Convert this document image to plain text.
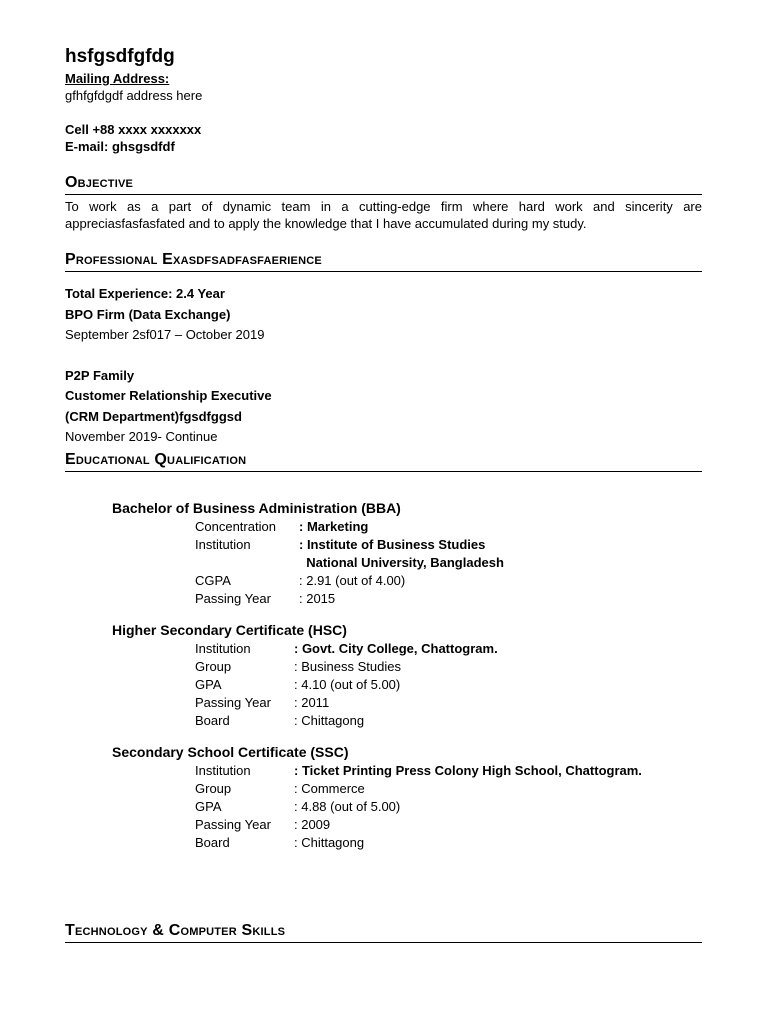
hsfgsdfgfdg
Mailing Address:
gfhfgfdgdf address here
Cell +88 xxxx xxxxxxx
E-mail: ghsgsdfdf
Objective
To work as a part of dynamic team in a cutting-edge firm where hard work and sincerity are appreciasfasfasfated and to apply the knowledge that I have accumulated during my study.
Professional Exasdfsadfasfaerience
Total Experience: 2.4 Year
BPO Firm (Data Exchange)
September 2sf017 – October 2019
P2P Family
Customer Relationship Executive
(CRM Department)fgsdfggsd
November 2019- Continue
Educational Qualification
Bachelor of Business Administration (BBA)
Concentration	: Marketing
Institution	: Institute of Business Studies
National University, Bangladesh
CGPA	: 2.91 (out of 4.00)
Passing Year	: 2015
Higher Secondary Certificate (HSC)
Institution	: Govt. City College, Chattogram.
Group	: Business Studies
GPA	: 4.10 (out of 5.00)
Passing Year	: 2011
Board	: Chittagong
Secondary School Certificate (SSC)
Institution	: Ticket Printing Press Colony High School, Chattogram.
Group	: Commerce
GPA	: 4.88 (out of 5.00)
Passing Year	: 2009
Board	: Chittagong
Technology & Computer Skills
